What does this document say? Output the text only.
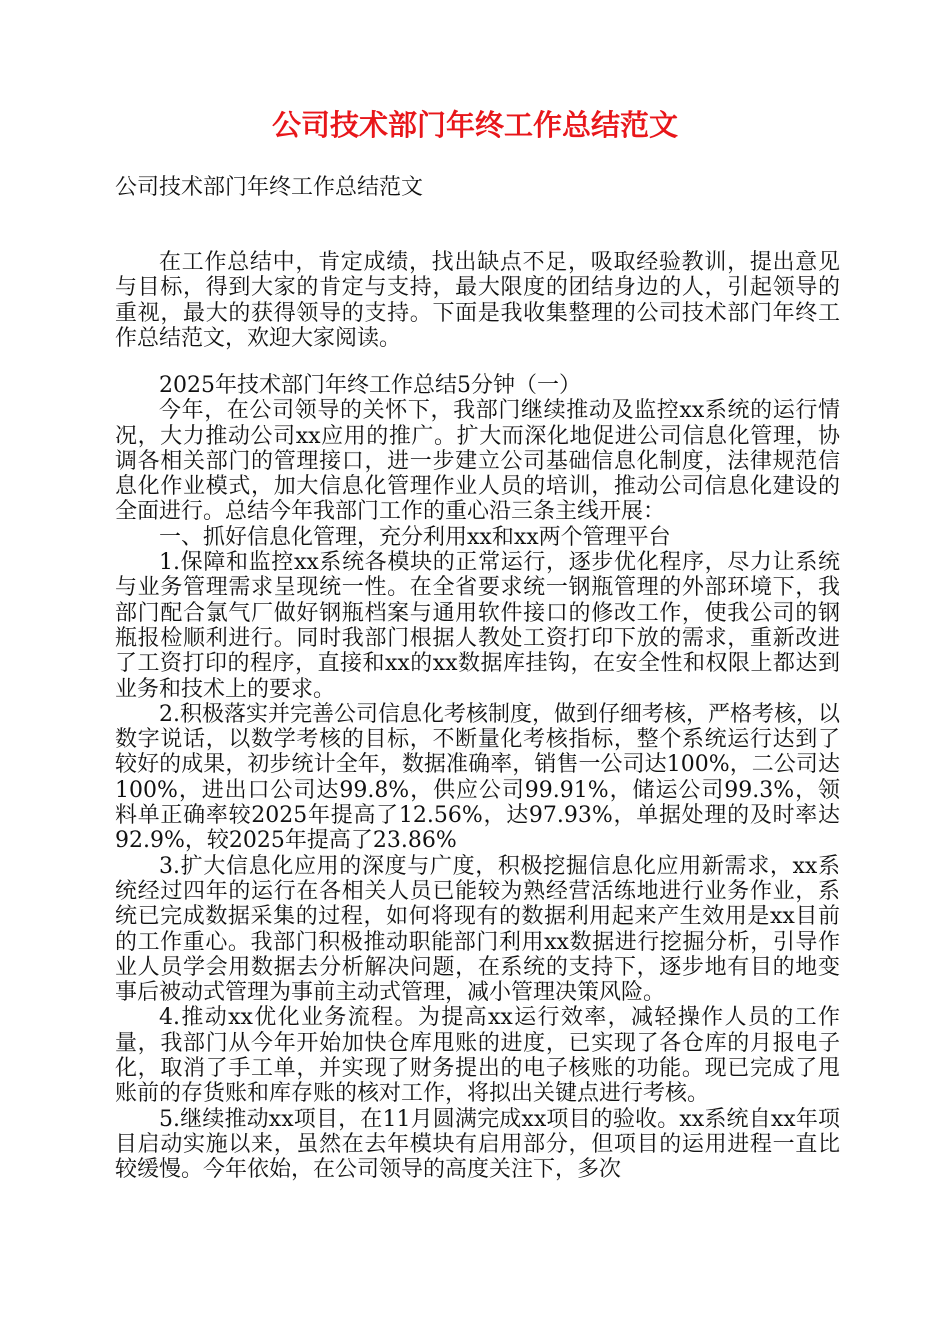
公司技术部门年终工作总结范文
公司技术部门年终工作总结范文

在工作总结中，肯定成绩，找出缺点不足，吸取经验教训，提出意见与目标，得到大家的肯定与支持，最大限度的团结身边的人，引起领导的重视，最大的获得领导的支持。下面是我收集整理的公司技术部门年终工作总结范文，欢迎大家阅读。

2025年技术部门年终工作总结5分钟（一）

今年，在公司领导的关怀下，我部门继续推动及监控xx系统的运行情况，大力推动公司xx应用的推广。扩大而深化地促进公司信息化管理，协调各相关部门的管理接口，进一步建立公司基础信息化制度，法律规范信息化作业模式，加大信息化管理作业人员的培训，推动公司信息化建设的全面进行。总结今年我部门工作的重心沿三条主线开展：

一、抓好信息化管理，充分利用xx和xx两个管理平台

1.保障和监控xx系统各模块的正常运行，逐步优化程序，尽力让系统与业务管理需求呈现统一性。在全省要求统一钢瓶管理的外部环境下，我部门配合氯气厂做好钢瓶档案与通用软件接口的修改工作，使我公司的钢瓶报检顺利进行。同时我部门根据人教处工资打印下放的需求，重新改进了工资打印的程序，直接和xx的xx数据库挂钩，在安全性和权限上都达到业务和技术上的要求。

2.积极落实并完善公司信息化考核制度，做到仔细考核，严格考核，以数字说话，以数学考核的目标，不断量化考核指标，整个系统运行达到了较好的成果，初步统计全年，数据准确率，销售一公司达100%，二公司达100%，进出口公司达99.8%，供应公司99.91%，储运公司99.3%，领料单正确率较2025年提高了12.56%，达97.93%，单据处理的及时率达92.9%，较2025年提高了23.86%

3.扩大信息化应用的深度与广度，积极挖掘信息化应用新需求，xx系统经过四年的运行在各相关人员已能较为熟经营活练地进行业务作业，系统已完成数据采集的过程，如何将现有的数据利用起来产生效用是xx目前的工作重心。我部门积极推动职能部门利用xx数据进行挖掘分析，引导作业人员学会用数据去分析解决问题，在系统的支持下，逐步地有目的地变事后被动式管理为事前主动式管理，减小管理决策风险。

4.推动xx优化业务流程。为提高xx运行效率，减轻操作人员的工作量，我部门从今年开始加快仓库甩账的进度，已实现了各仓库的月报电子化，取消了手工单，并实现了财务提出的电子核账的功能。现已完成了甩账前的存货账和库存账的核对工作，将拟出关键点进行考核。

5.继续推动xx项目，在11月圆满完成xx项目的验收。xx系统自xx年项目启动实施以来，虽然在去年模块有启用部分，但项目的运用进程一直比较缓慢。今年依始，在公司领导的高度关注下，多次
